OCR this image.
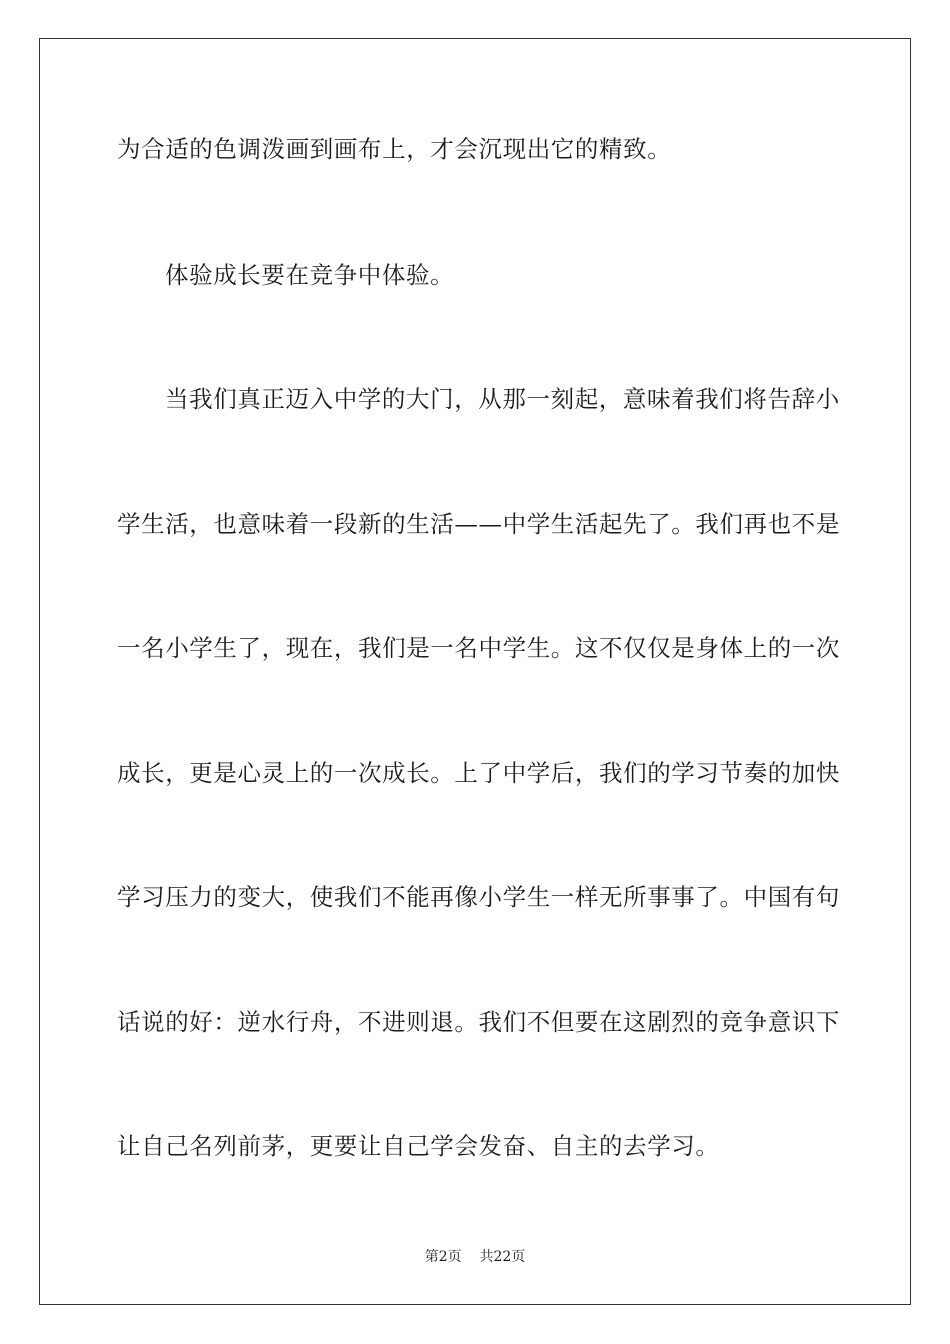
为合适的色调泼画到画布上，才会沉现出它的精致。
体验成长要在竞争中体验。
当我们真正迈入中学的大门，从那一刻起，意味着我们将告辞小
学生活，也意味着一段新的生活——中学生活起先了。我们再也不是
一名小学生了，现在，我们是一名中学生。这不仅仅是身体上的一次
成长，更是心灵上的一次成长。上了中学后，我们的学习节奏的加快
学习压力的变大，使我们不能再像小学生一样无所事事了。中国有句
话说的好：逆水行舟，不进则退。我们不但要在这剧烈的竞争意识下
让自己名列前茅，更要让自己学会发奋、自主的去学习。
第2页    共22页
